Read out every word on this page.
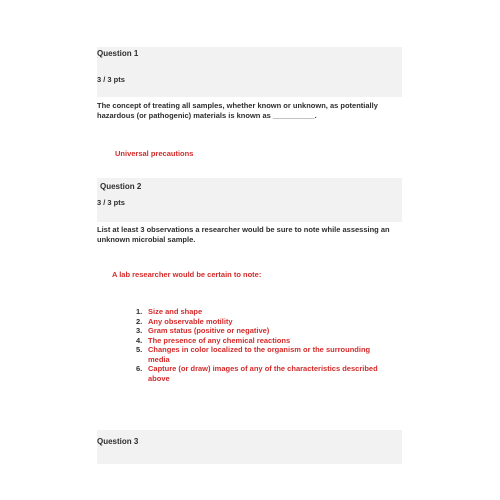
Question 1
3 / 3 pts
The concept of treating all samples, whether known or unknown, as potentially hazardous (or pathogenic) materials is known as __________.
Universal precautions
Question 2
3 / 3 pts
List at least 3 observations a researcher would be sure to note while assessing an unknown microbial sample.
A lab researcher would be certain to note:
1. Size and shape
2. Any observable motility
3. Gram status (positive or negative)
4. The presence of any chemical reactions
5. Changes in color localized to the organism or the surrounding media
6. Capture (or draw) images of any of the characteristics described above
Question 3
